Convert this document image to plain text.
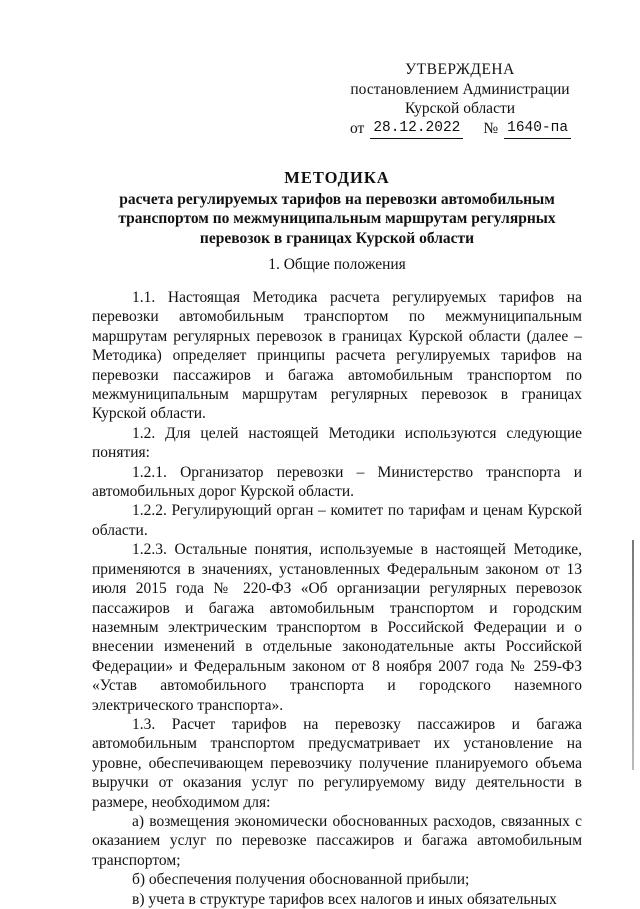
УТВЕРЖДЕНА
постановлением Администрации
Курской области
от 28.12.2022 № 1640-па
МЕТОДИКА
расчета регулируемых тарифов на перевозки автомобильным транспортом по межмуниципальным маршрутам регулярных перевозок в границах Курской области
1. Общие положения

1.1. Настоящая Методика расчета регулируемых тарифов на перевозки автомобильным транспортом по межмуниципальным маршрутам регулярных перевозок в границах Курской области (далее – Методика) определяет принципы расчета регулируемых тарифов на перевозки пассажиров и багажа автомобильным транспортом по межмуниципальным маршрутам регулярных перевозок в границах Курской области.

1.2. Для целей настоящей Методики используются следующие понятия:

1.2.1. Организатор перевозки – Министерство транспорта и автомобильных дорог Курской области.

1.2.2. Регулирующий орган – комитет по тарифам и ценам Курской области.

1.2.3. Остальные понятия, используемые в настоящей Методике, применяются в значениях, установленных Федеральным законом от 13 июля 2015 года № 220-ФЗ «Об организации регулярных перевозок пассажиров и багажа автомобильным транспортом и городским наземным электрическим транспортом в Российской Федерации и о внесении изменений в отдельные законодательные акты Российской Федерации» и Федеральным законом от 8 ноября 2007 года № 259-ФЗ «Устав автомобильного транспорта и городского наземного электрического транспорта».

1.3. Расчет тарифов на перевозку пассажиров и багажа автомобильным транспортом предусматривает их установление на уровне, обеспечивающем перевозчику получение планируемого объема выручки от оказания услуг по регулируемому виду деятельности в размере, необходимом для:

а) возмещения экономически обоснованных расходов, связанных с оказанием услуг по перевозке пассажиров и багажа автомобильным транспортом;

б) обеспечения получения обоснованной прибыли;

в) учета в структуре тарифов всех налогов и иных обязательных
